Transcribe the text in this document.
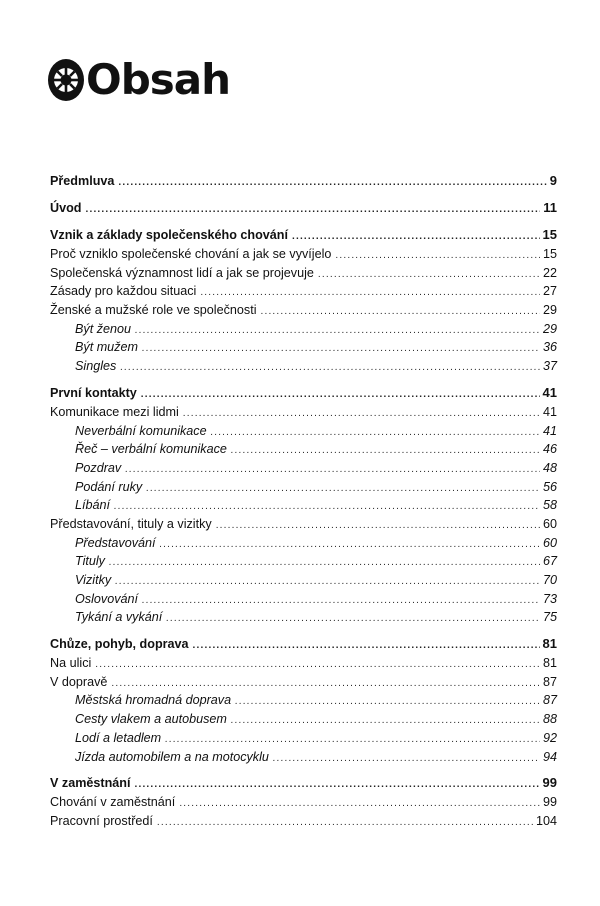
Obsah
Předmluva .....	9
Úvod .....	11
Vznik a základy společenského chování .....	15
Proč vzniklo společenské chování a jak se vyvíjelo .....	15
Společenská významnost lidí a jak se projevuje .....	22
Zásady pro každou situaci .....	27
Ženské a mužské role ve společnosti .....	29
Být ženou .....	29
Být mužem .....	36
Singles .....	37
První kontakty .....	41
Komunikace mezi lidmi .....	41
Neverbální komunikace .....	41
Řeč – verbální komunikace .....	46
Pozdrav .....	48
Podání ruky .....	56
Líbání .....	58
Představování, tituly a vizitky .....	60
Představování .....	60
Tituly .....	67
Vizitky .....	70
Oslovování .....	73
Tykání a vykání .....	75
Chůze, pohyb, doprava .....	81
Na ulici .....	81
V dopravě .....	87
Městská hromadná doprava .....	87
Cesty vlakem a autobusem .....	88
Lodí a letadlem .....	92
Jízda automobilem a na motocyklu .....	94
V zaměstnání .....	99
Chování v zaměstnání .....	99
Pracovní prostředí .....	104
